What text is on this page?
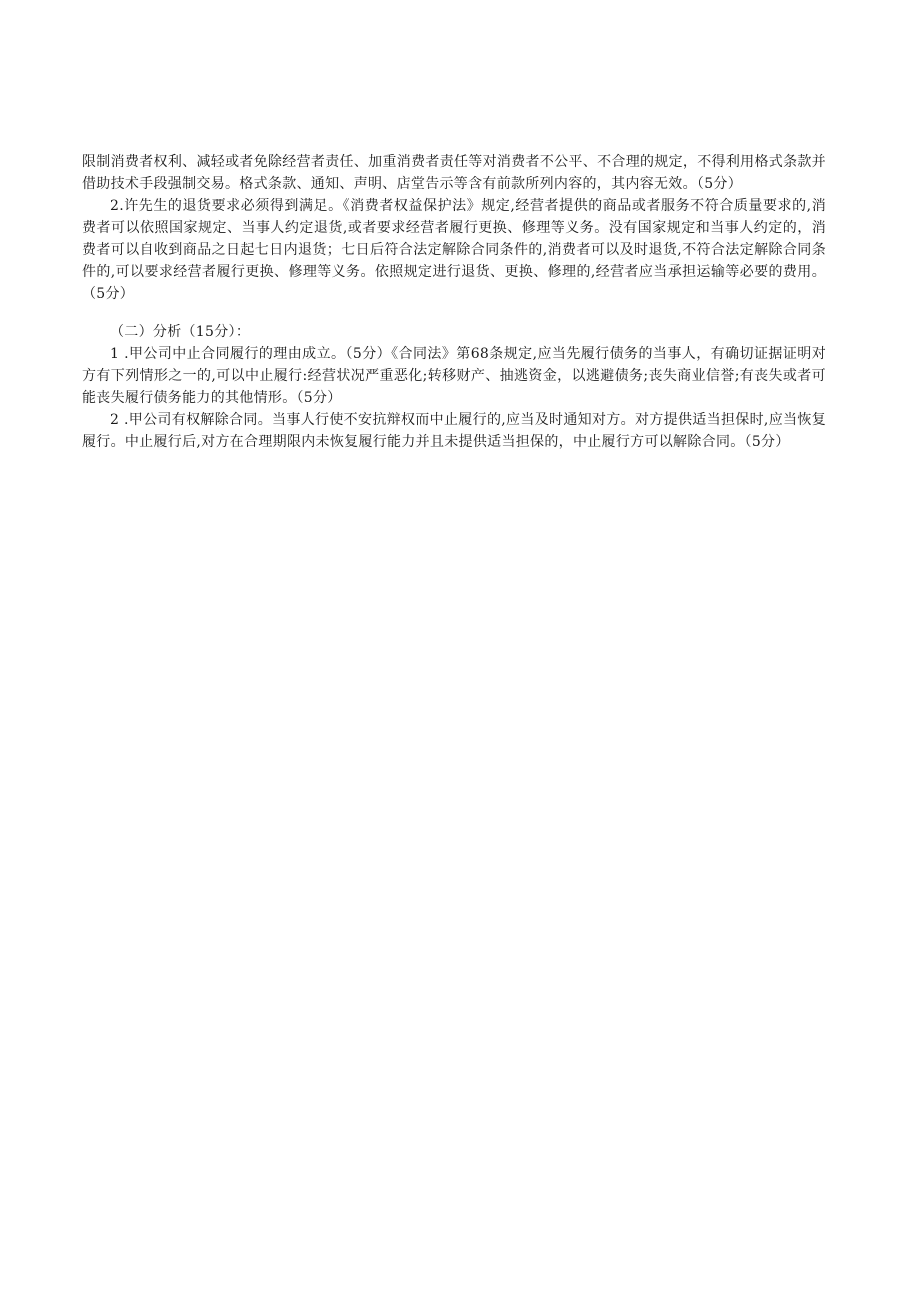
限制消费者权利、减轻或者免除经营者责任、加重消费者责任等对消费者不公平、不合理的规定，不得利用格式条款并借助技术手段强制交易。格式条款、通知、声明、店堂告示等含有前款所列内容的，其内容无效。（5分）

2.许先生的退货要求必须得到满足。《消费者权益保护法》规定,经营者提供的商品或者服务不符合质量要求的,消费者可以依照国家规定、当事人约定退货,或者要求经营者履行更换、修理等义务。没有国家规定和当事人约定的，消费者可以自收到商品之日起七日内退货；七日后符合法定解除合同条件的,消费者可以及时退货,不符合法定解除合同条件的,可以要求经营者履行更换、修理等义务。依照规定进行退货、更换、修理的,经营者应当承担运输等必要的费用。（5分）

（二）分析（15分）：

1 .甲公司中止合同履行的理由成立。（5分）《合同法》第68条规定,应当先履行债务的当事人，有确切证据证明对方有下列情形之一的,可以中止履行:经营状况严重恶化;转移财产、抽逃资金，以逃避债务;丧失商业信誉;有丧失或者可能丧失履行债务能力的其他情形。（5分）

2 .甲公司有权解除合同。当事人行使不安抗辩权而中止履行的,应当及时通知对方。对方提供适当担保时,应当恢复履行。中止履行后,对方在合理期限内未恢复履行能力并且未提供适当担保的，中止履行方可以解除合同。（5分）
